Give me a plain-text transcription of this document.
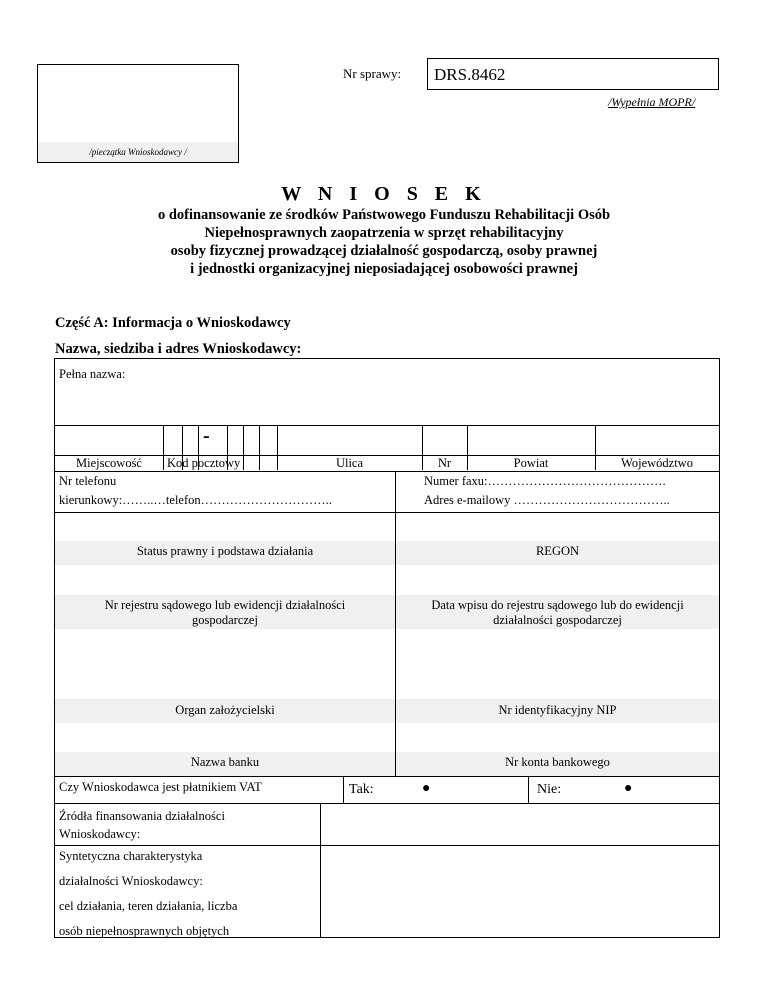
/pieczątka Wnioskodawcy /
Nr sprawy:	DRS.8462
/Wypełnia MOPR/
W N I O S E K
o dofinansowanie ze środków Państwowego Funduszu Rehabilitacji Osób
Niepełnosprawnych zaopatrzenia w sprzęt rehabilitacyjny
osoby fizycznej prowadzącej działalność gospodarczą, osoby prawnej
i jednostki organizacyjnej nieposiadającej osobowości prawnej
Część A: Informacja o Wnioskodawcy
Nazwa, siedziba i adres Wnioskodawcy:
Pełna nazwa:
-
Miejscowość	Kod pocztowy	Ulica	Nr	Powiat	Województwo
Nr telefonu
kierunkowy:……..…telefon…………………………..
Numer faxu:…………………………………….
Adres e-mailowy ………………………………..
Status prawny i podstawa działania	REGON
Nr rejestru sądowego lub ewidencji działalności
gospodarczej
Data wpisu do rejestru sądowego lub do ewidencji
działalności gospodarczej
Organ założycielski	Nr identyfikacyjny NIP
Nazwa banku	Nr konta bankowego
Czy Wnioskodawca jest płatnikiem VAT	Tak:	●	Nie:	●
Źródła finansowania działalności
Wnioskodawcy:
Syntetyczna charakterystyka
działalności Wnioskodawcy:
cel działania, teren działania, liczba
osób niepełnosprawnych objętych
